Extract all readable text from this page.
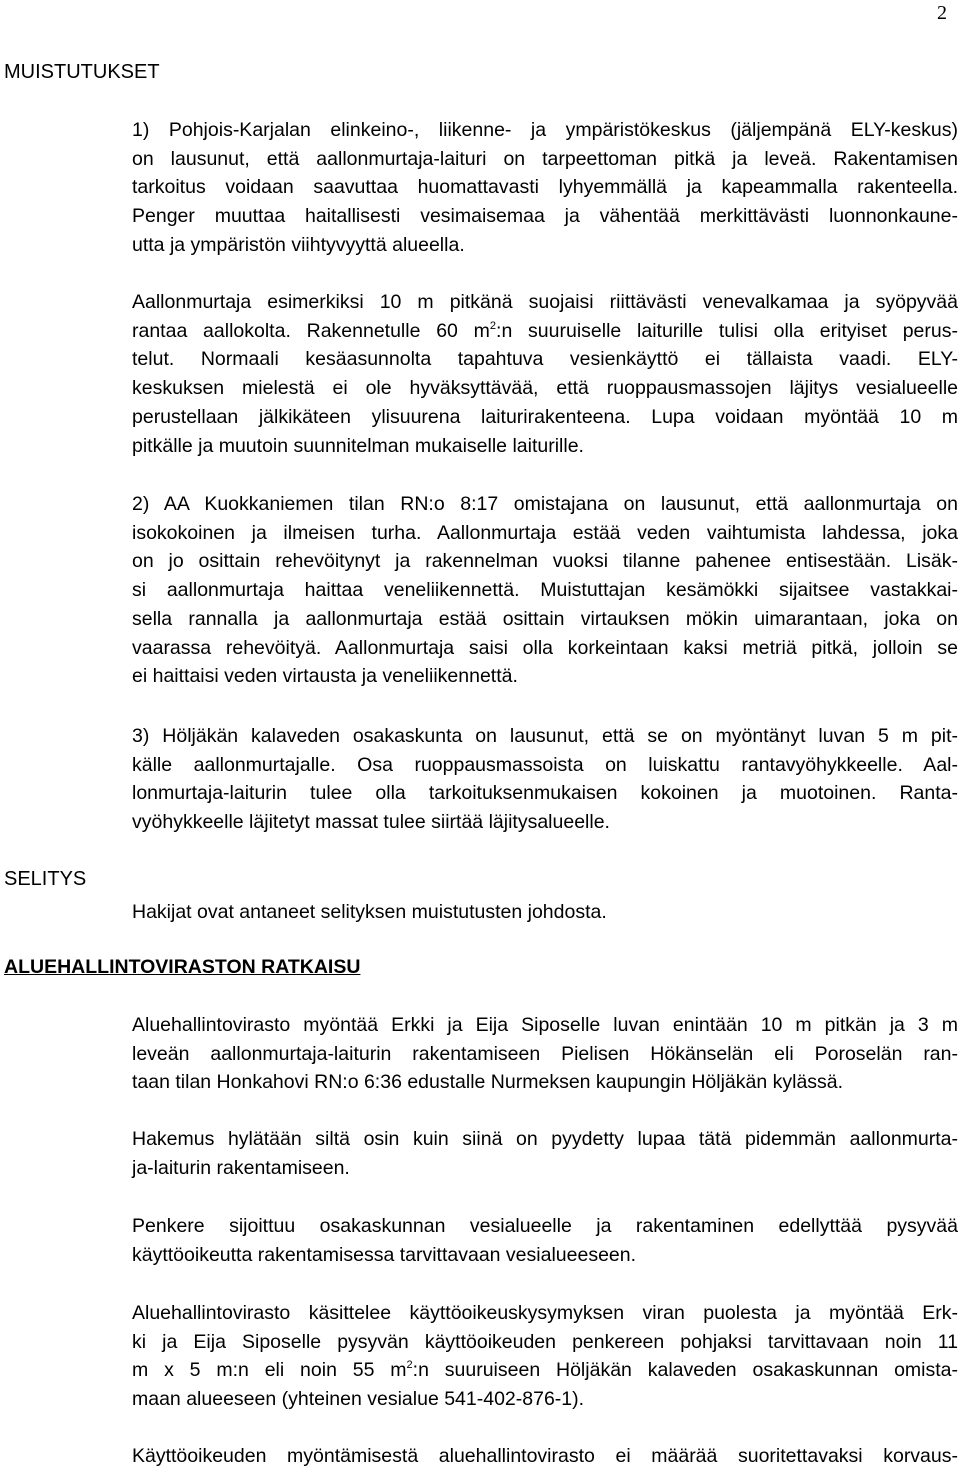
2
MUISTUTUKSET
1) Pohjois-Karjalan elinkeino-, liikenne- ja ympäristökeskus (jäljempänä ELY-keskus)
on lausunut, että aallonmurtaja-laituri on tarpeettoman pitkä ja leveä. Rakentamisen
tarkoitus voidaan saavuttaa huomattavasti lyhyemmällä ja kapeammalla rakenteella.
Penger muuttaa haitallisesti vesimaisemaa ja vähentää merkittävästi luonnonkaune-
utta ja ympäristön viihtyvyyttä alueella.
Aallonmurtaja esimerkiksi 10 m pitkänä suojaisi riittävästi venevalkamaa ja syöpyvää
rantaa aallokolta. Rakennetulle 60 $m^2:n$ suuruiselle laiturille tulisi olla erityiset perus-
telut. Normaali kesäasunnolta tapahtuva vesienkäyttö ei tällaista vaadi. ELY-
keskuksen mielestä ei ole hyväksyttävää, että ruoppausmassojen läjitys vesialueelle
perustellaan jälkikäteen ylisuurena laiturirakenteena. Lupa voidaan myöntää 10 m
pitkälle ja muutoin suunnitelman mukaiselle laiturille.
2) AA Kuokkaniemen tilan RN:o 8:17 omistajana on lausunut, että aallonmurtaja on
isokokoinen ja ilmeisen turha. Aallonmurtaja estää veden vaihtumista lahdessa, joka
on jo osittain rehevöitynyt ja rakennelman vuoksi tilanne pahenee entisestään. Lisäk-
si aallonmurtaja haittaa veneliikennettä. Muistuttajan kesämökki sijaitsee vastakkai-
sella rannalla ja aallonmurtaja estää osittain virtauksen mökin uimarantaan, joka on
vaarassa rehevöityä. Aallonmurtaja saisi olla korkeintaan kaksi metriä pitkä, jolloin se
ei haittaisi veden virtausta ja veneliikennettä.
3) Höljäkän kalaveden osakaskunta on lausunut, että se on myöntänyt luvan 5 m pit-
källe aallonmurtajalle. Osa ruoppausmassoista on luiskattu rantavyöhykkeelle. Aal-
lonmurtaja-laiturin tulee olla tarkoituksenmukaisen kokoinen ja muotoinen. Ranta-
vyöhykkeelle läjitetyt massat tulee siirtää läjitysalueelle.
SELITYS
Hakijat ovat antaneet selityksen muistutusten johdosta.
ALUEHALLINTOVIRASTON RATKAISU
Aluehallintovirasto myöntää Erkki ja Eija Siposelle luvan enintään 10 m pitkän ja 3 m
leveän aallonmurtaja-laiturin rakentamiseen Pielisen Hökänselän eli Poroselän ran-
taan tilan Honkahovi RN:o 6:36 edustalle Nurmeksen kaupungin Höljäkän kylässä.
Hakemus hylätään siltä osin kuin siinä on pyydetty lupaa tätä pidemmän aallonmurta-
ja-laiturin rakentamiseen.
Penkere sijoittuu osakaskunnan vesialueelle ja rakentaminen edellyttää pysyvää
käyttöoikeutta rakentamisessa tarvittavaan vesialueeseen.
Aluehallintovirasto käsittelee käyttöoikeuskysymyksen viran puolesta ja myöntää Erk-
ki ja Eija Siposelle pysyvän käyttöoikeuden penkereen pohjaksi tarvittavaan noin 11
m x 5 m:n eli noin 55 $m^2:n$ suuruiseen Höljäkän kalaveden osakaskunnan omista-
maan alueeseen (yhteinen vesialue 541-402-876-1).
Käyttöoikeuden myöntämisestä aluehallintovirasto ei määrää suoritettavaksi korvaus-
